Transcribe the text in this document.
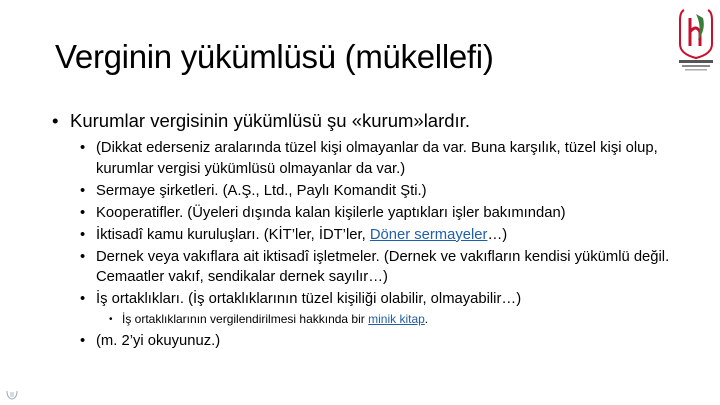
Verginin yükümlüsü (mükellefi)
• Kurumlar vergisinin yükümlüsü şu «kurum»lardır.
• (Dikkat ederseniz aralarında tüzel kişi olmayanlar da var. Buna karşılık, tüzel kişi olup, kurumlar vergisi yükümlüsü olmayanlar da var.)
• Sermaye şirketleri. (A.Ş., Ltd., Paylı Komandit Şti.)
• Kooperatifler. (Üyeleri dışında kalan kişilerle yaptıkları işler bakımından)
• İktisadî kamu kuruluşları. (KİT’ler, İDT’ler, Döner sermayeler…)
• Dernek veya vakıflara ait iktisadî işletmeler. (Dernek ve vakıfların kendisi yükümlü değil. Cemaatler vakıf, sendikalar dernek sayılır…)
• İş ortaklıkları. (İş ortaklıklarının tüzel kişiliği olabilir, olmayabilir…)
• İş ortaklıklarının vergilendirilmesi hakkında bir minik kitap.
• (m. 2’yi okuyunuz.)
